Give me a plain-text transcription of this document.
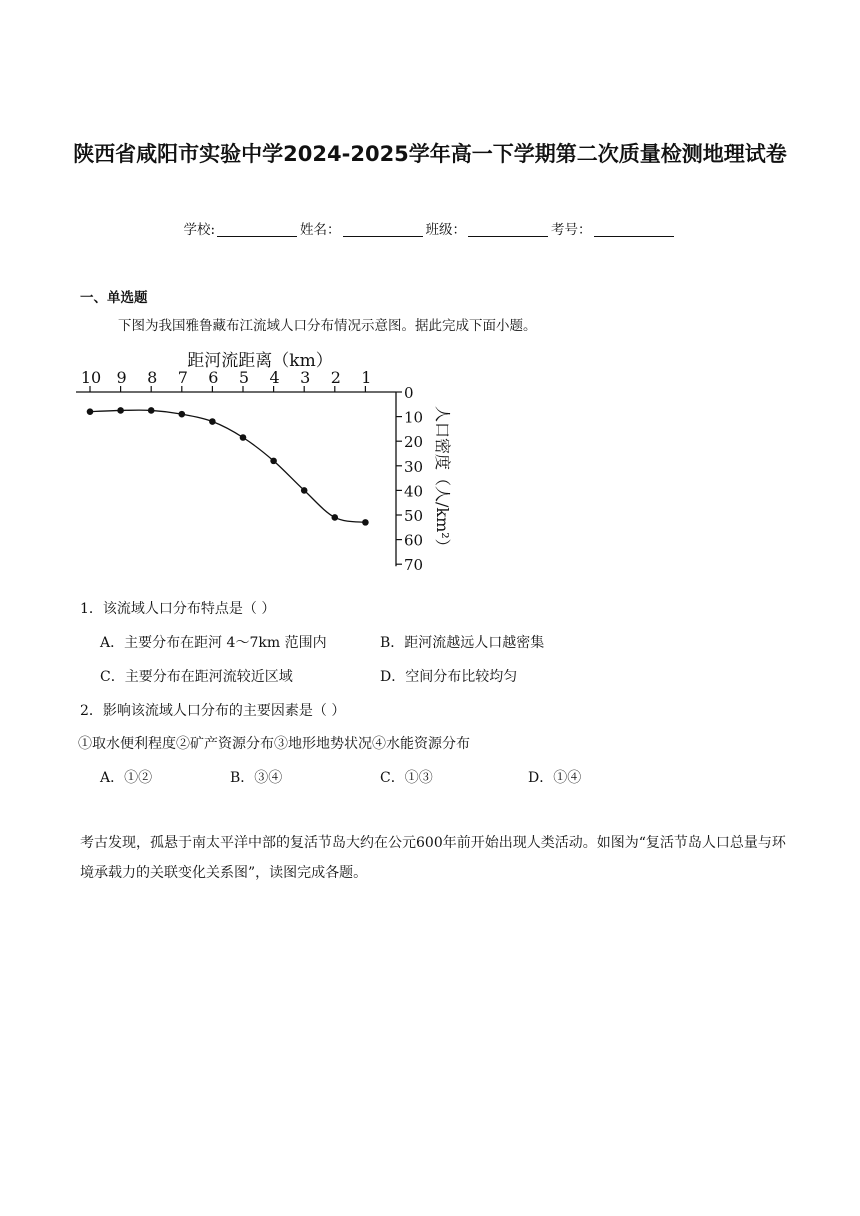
陕西省咸阳市实验中学2024-2025学年高一下学期第二次质量检测地理试卷
学校:	姓名：	班级：	考号：
一、单选题
下图为我国雅鲁藏布江流域人口分布情况示意图。据此完成下面小题。
10 9 8 7 6 5 4 3 2 1
距河流距离（km）
0
10
20
30
40
50
60
70
人口密度（人/km²）
1．该流域人口分布特点是（ ）
A．主要分布在距河 4～7km 范围内	B．距河流越远人口越密集
C．主要分布在距河流较近区域	D．空间分布比较均匀
2．影响该流域人口分布的主要因素是（ ）
①取水便利程度②矿产资源分布③地形地势状况④水能资源分布
A．①②	B．③④	C．①③	D．①④
考古发现，孤悬于南太平洋中部的复活节岛大约在公元600年前开始出现人类活动。如图为“复活节岛人口总量与环境承载力的关联变化关系图”，读图完成各题。
